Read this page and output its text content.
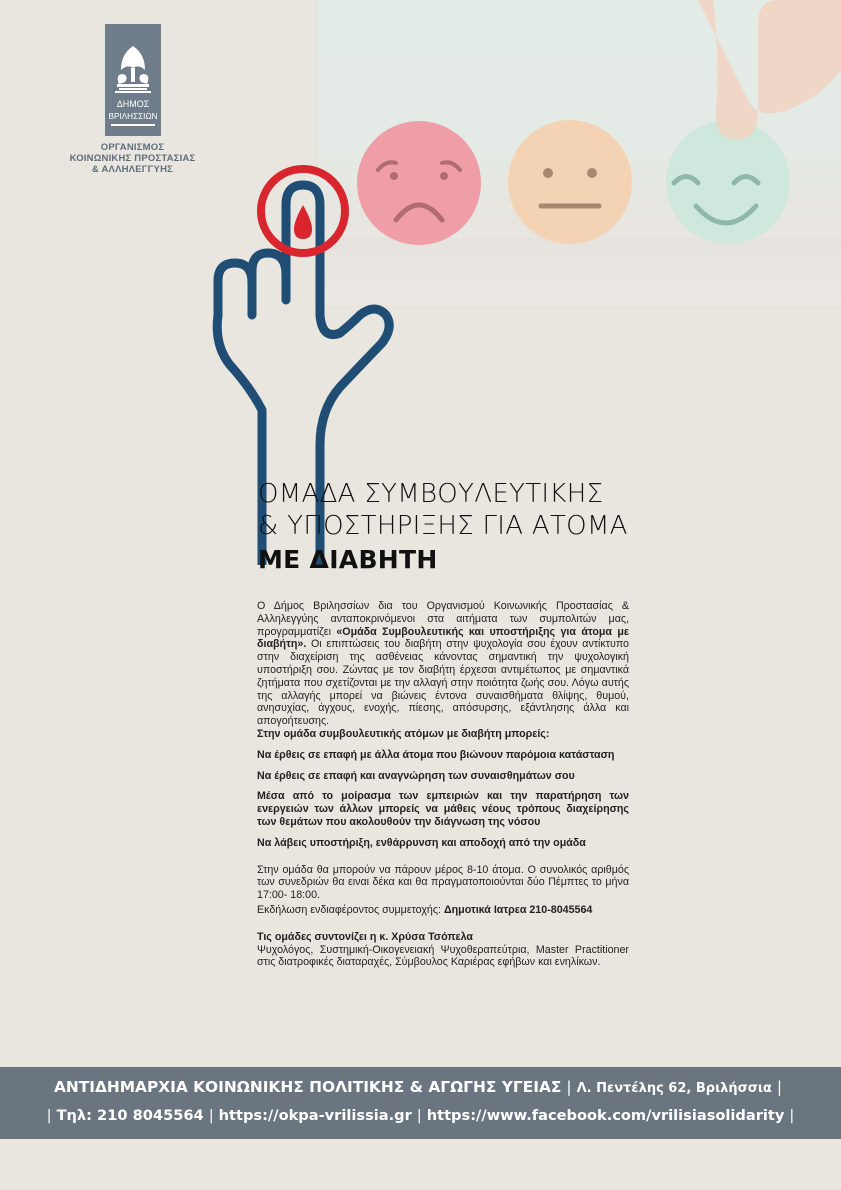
ΔΗΜΟΣ
ΒΡΙΛΗΣΣΙΩΝ
ΟΡΓΑΝΙΣΜΟΣ
ΚΟΙΝΩΝΙΚΗΣ ΠΡΟΣΤΑΣΙΑΣ
& ΑΛΛΗΛΕΓΓΥΗΣ
ΟΜΑΔΑ ΣΥΜΒΟΥΛΕΥΤΙΚΗΣ
& ΥΠΟΣΤΗΡΙΞΗΣ ΓΙΑ ΑΤΟΜΑ
ΜΕ ΔΙΑΒΗΤΗ
Ο Δήμος Βριλησσίων δια του Οργανισμού Κοινωνικής Προστασίας & Αλληλεγγύης ανταποκρινόμενοι στα αιτήματα των συμπολιτών μας, προγραμματίζει «Ομάδα Συμβουλευτικής και υποστήριξης για άτομα με διαβήτη». Οι επιπτώσεις του διαβήτη στην ψυχολογία σου έχουν αντίκτυπο στην διαχείριση της ασθένειας κάνοντας σημαντική την ψυχολογική υποστήριξη σου. Ζώντας με τον διαβήτη έρχεσαι αντιμέτωπος με σημαντικά ζητήματα που σχετίζονται με την αλλαγή στην ποιότητα ζωής σου. Λόγω αυτής της αλλαγής μπορεί να βιώνεις έντονα συναισθήματα θλίψης, θυμού, ανησυχίας, άγχους, ενοχής, πίεσης, απόσυρσης, εξάντλησης άλλα και απογοήτευσης.
Στην ομάδα συμβουλευτικής ατόμων με διαβήτη μπορείς:
Να έρθεις σε επαφή με άλλα άτομα που βιώνουν παρόμοια κατάσταση
Να έρθεις σε επαφή και αναγνώρηση των συναισθημάτων σου
Μέσα από το μοίρασμα των εμπειριών και την παρατήρηση των ενεργειών των άλλων μπορείς να μάθεις νέους τρόπους διαχείρησης των θεμάτων που ακολουθούν την διάγνωση της νόσου
Να λάβεις υποστήριξη, ενθάρρυνση και αποδοχή από την ομάδα
Στην ομάδα θα μπορούν να πάρουν μέρος 8-10 άτομα. Ο συνολικός αριθμός των συνεδριών θα ειναι δέκα και θα πραγματοποιούνται δύο Πέμπτες το μήνα 17:00- 18:00.
Εκδήλωση ενδιαφέροντος συμμετοχής: Δημοτικά Ιατρεα 210-8045564
Τις ομάδες συντονίζει η κ. Χρύσα Τσόπελα
Ψυχολόγος, Συστημική-Οικογενειακή Ψυχοθεραπεύτρια, Master Practitioner στις διατροφικές διαταραχές, Σύμβουλος Καριέρας εφήβων και ενηλίκων.
ΑΝΤΙΔΗΜΑΡΧΙΑ ΚΟΙΝΩΝΙΚΗΣ ΠΟΛΙΤΙΚΗΣ & ΑΓΩΓΗΣ ΥΓΕΙΑΣ | Λ. Πεντέλης 62, Βριλήσσια |
| Τηλ: 210 8045564 | https://okpa-vrilissia.gr | https://www.facebook.com/vrilisiasolidarity |
